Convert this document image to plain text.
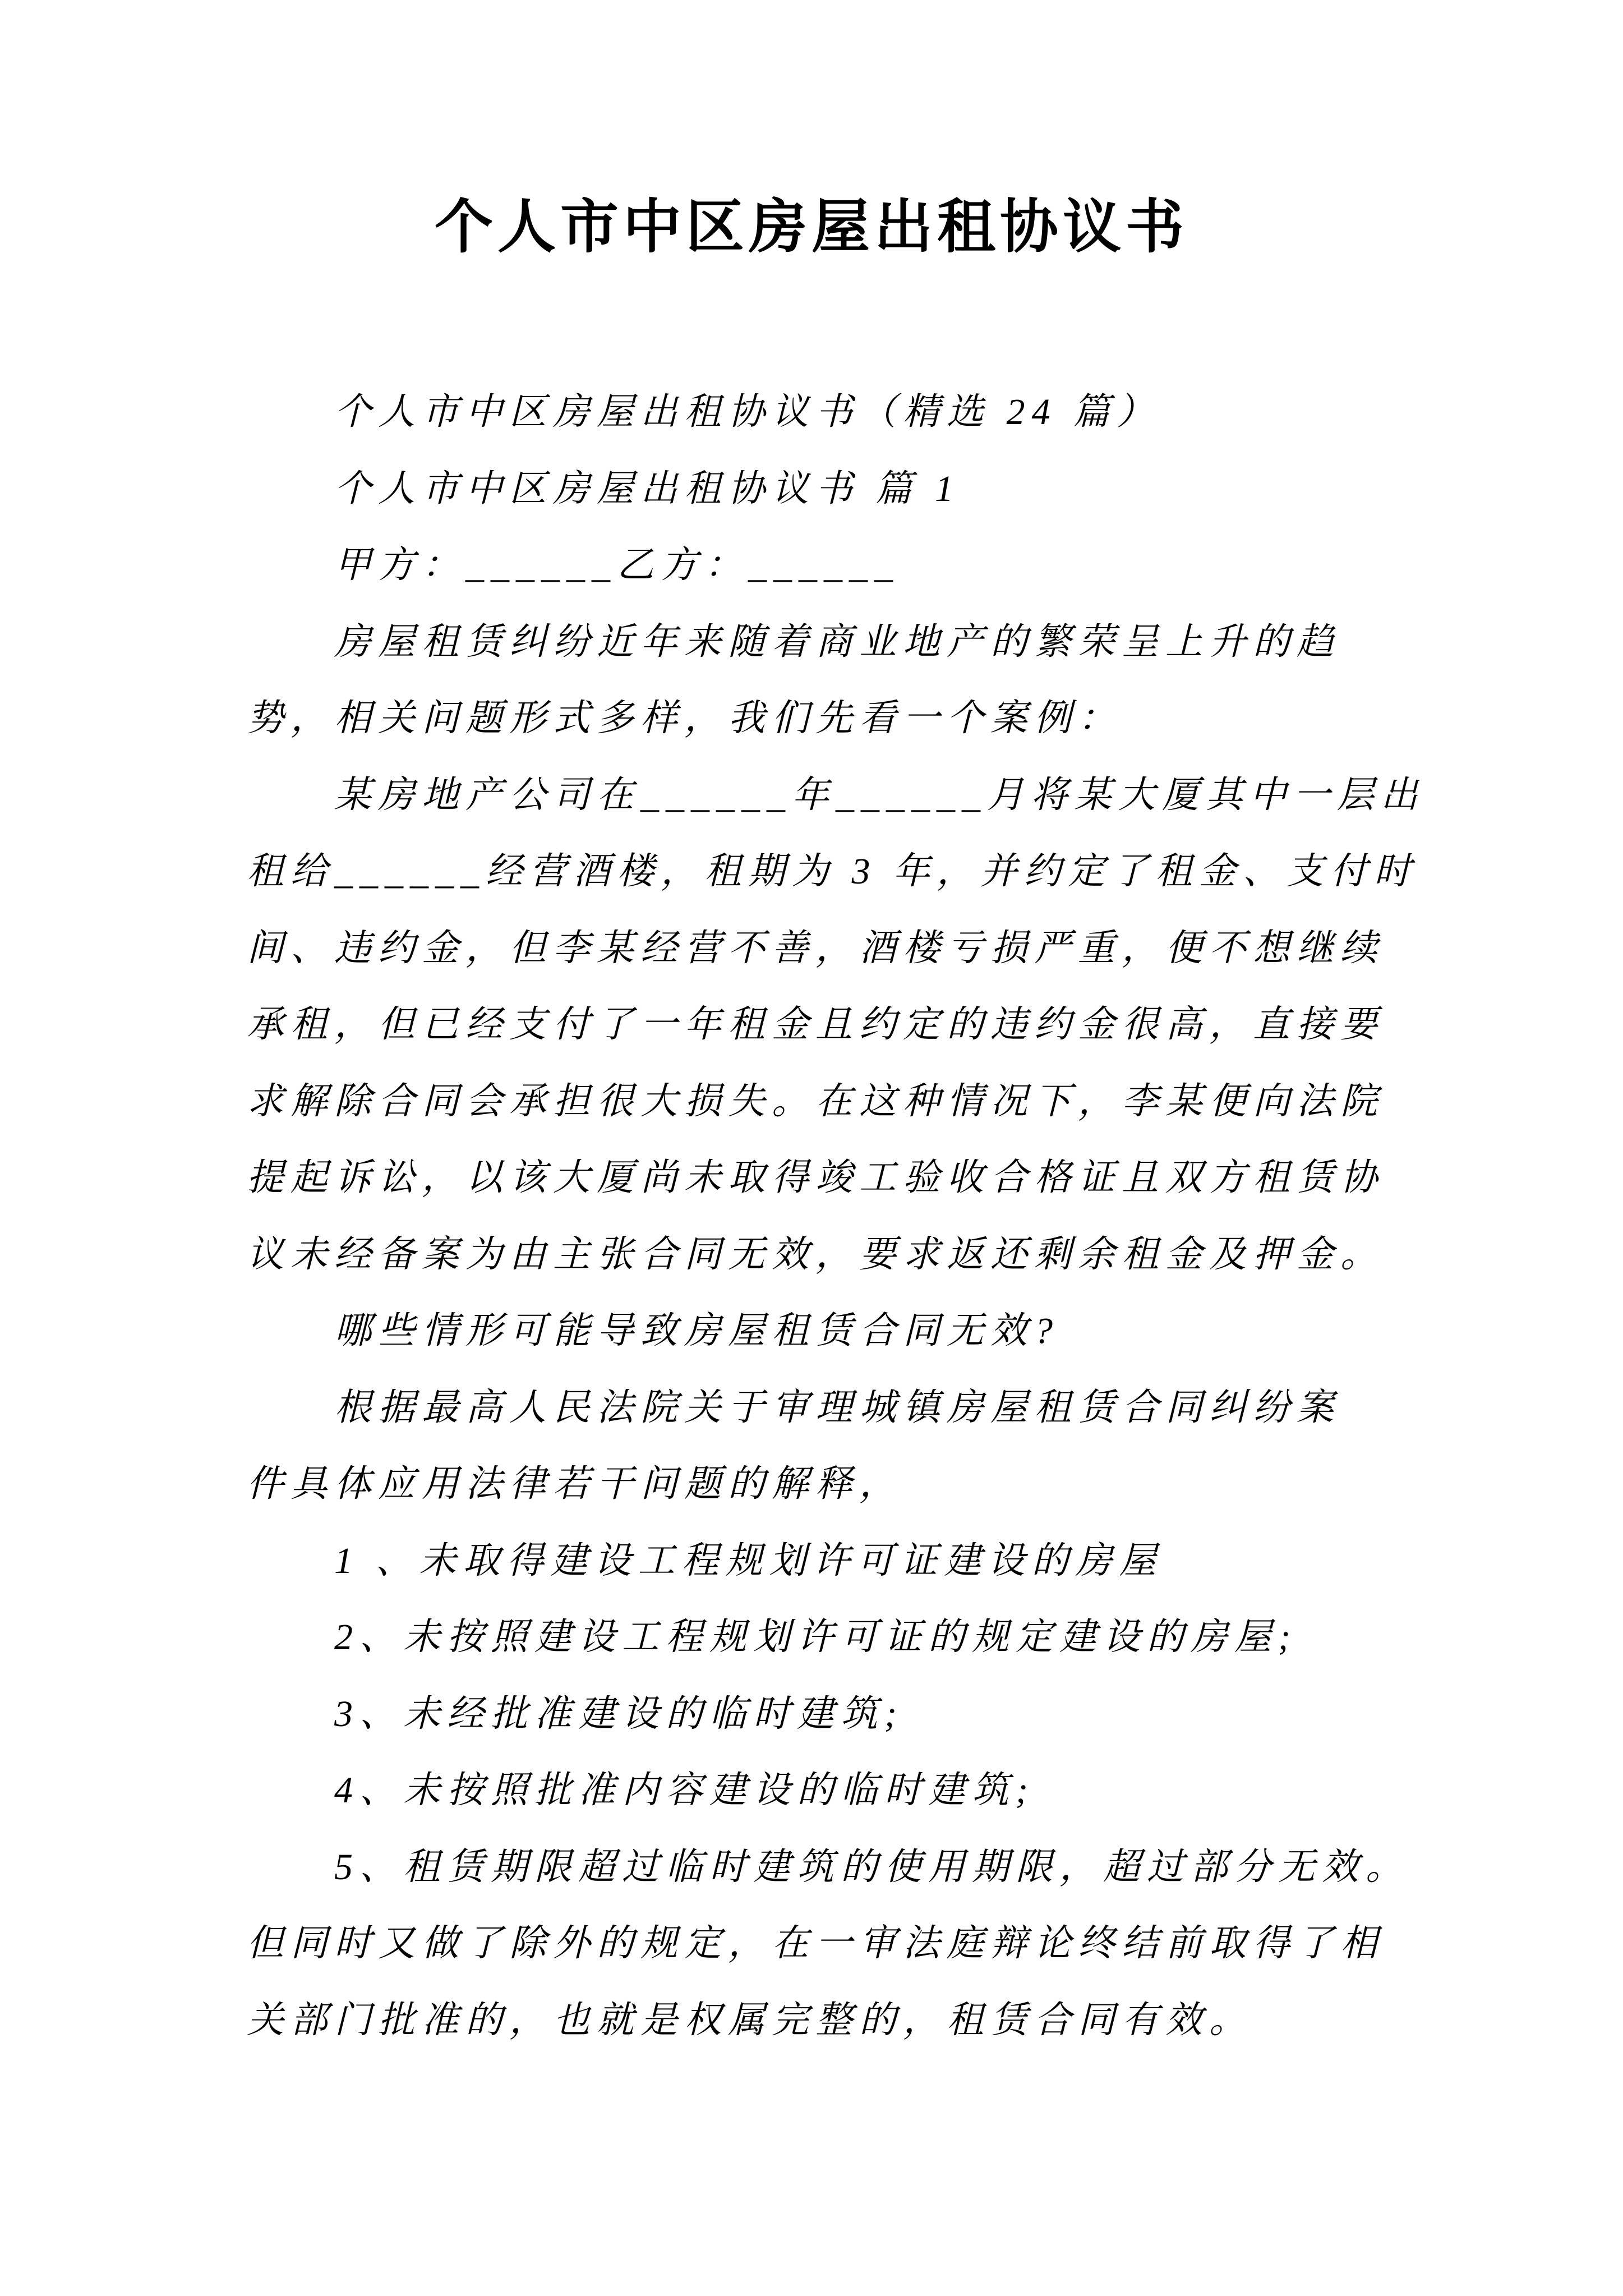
个人市中区房屋出租协议书
个人市中区房屋出租协议书（精选 24 篇）
个人市中区房屋出租协议书 篇 1
甲方：______乙方：______
房屋租赁纠纷近年来随着商业地产的繁荣呈上升的趋
势，相关问题形式多样，我们先看一个案例：
某房地产公司在______年______月将某大厦其中一层出
租给______经营酒楼，租期为 3 年，并约定了租金、支付时
间、违约金，但李某经营不善，酒楼亏损严重，便不想继续
承租，但已经支付了一年租金且约定的违约金很高，直接要
求解除合同会承担很大损失。在这种情况下，李某便向法院
提起诉讼，以该大厦尚未取得竣工验收合格证且双方租赁协
议未经备案为由主张合同无效，要求返还剩余租金及押金。
哪些情形可能导致房屋租赁合同无效?
根据最高人民法院关于审理城镇房屋租赁合同纠纷案
件具体应用法律若干问题的解释，
1 、未取得建设工程规划许可证建设的房屋
2、未按照建设工程规划许可证的规定建设的房屋;
3、未经批准建设的临时建筑;
4、未按照批准内容建设的临时建筑;
5、租赁期限超过临时建筑的使用期限，超过部分无效。
但同时又做了除外的规定，在一审法庭辩论终结前取得了相
关部门批准的，也就是权属完整的，租赁合同有效。
